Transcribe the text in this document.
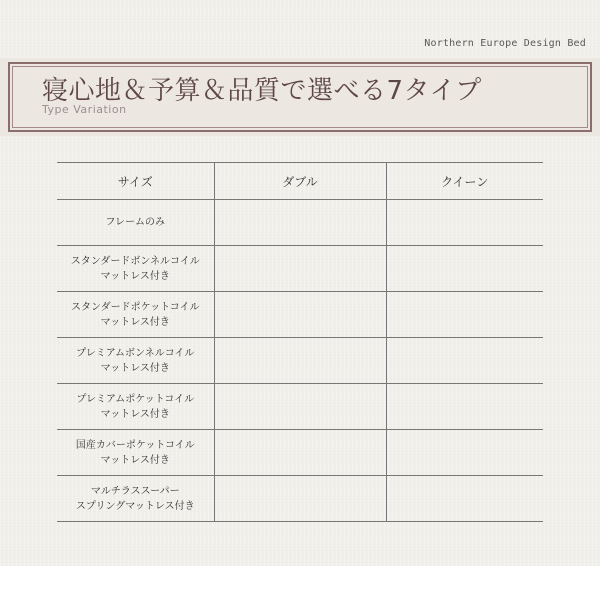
Northern Europe Design Bed
寝心地＆予算＆品質で選べる7タイプ
Type Variation
サイズ	ダブル	クイーン

フレームのみ		

スタンダードボンネルコイル
マットレス付き		

スタンダードポケットコイル
マットレス付き		

プレミアムボンネルコイル
マットレス付き		

プレミアムポケットコイル
マットレス付き		

国産カバーポケットコイル
マットレス付き		

マルチラススーパー
スプリングマットレス付き		
